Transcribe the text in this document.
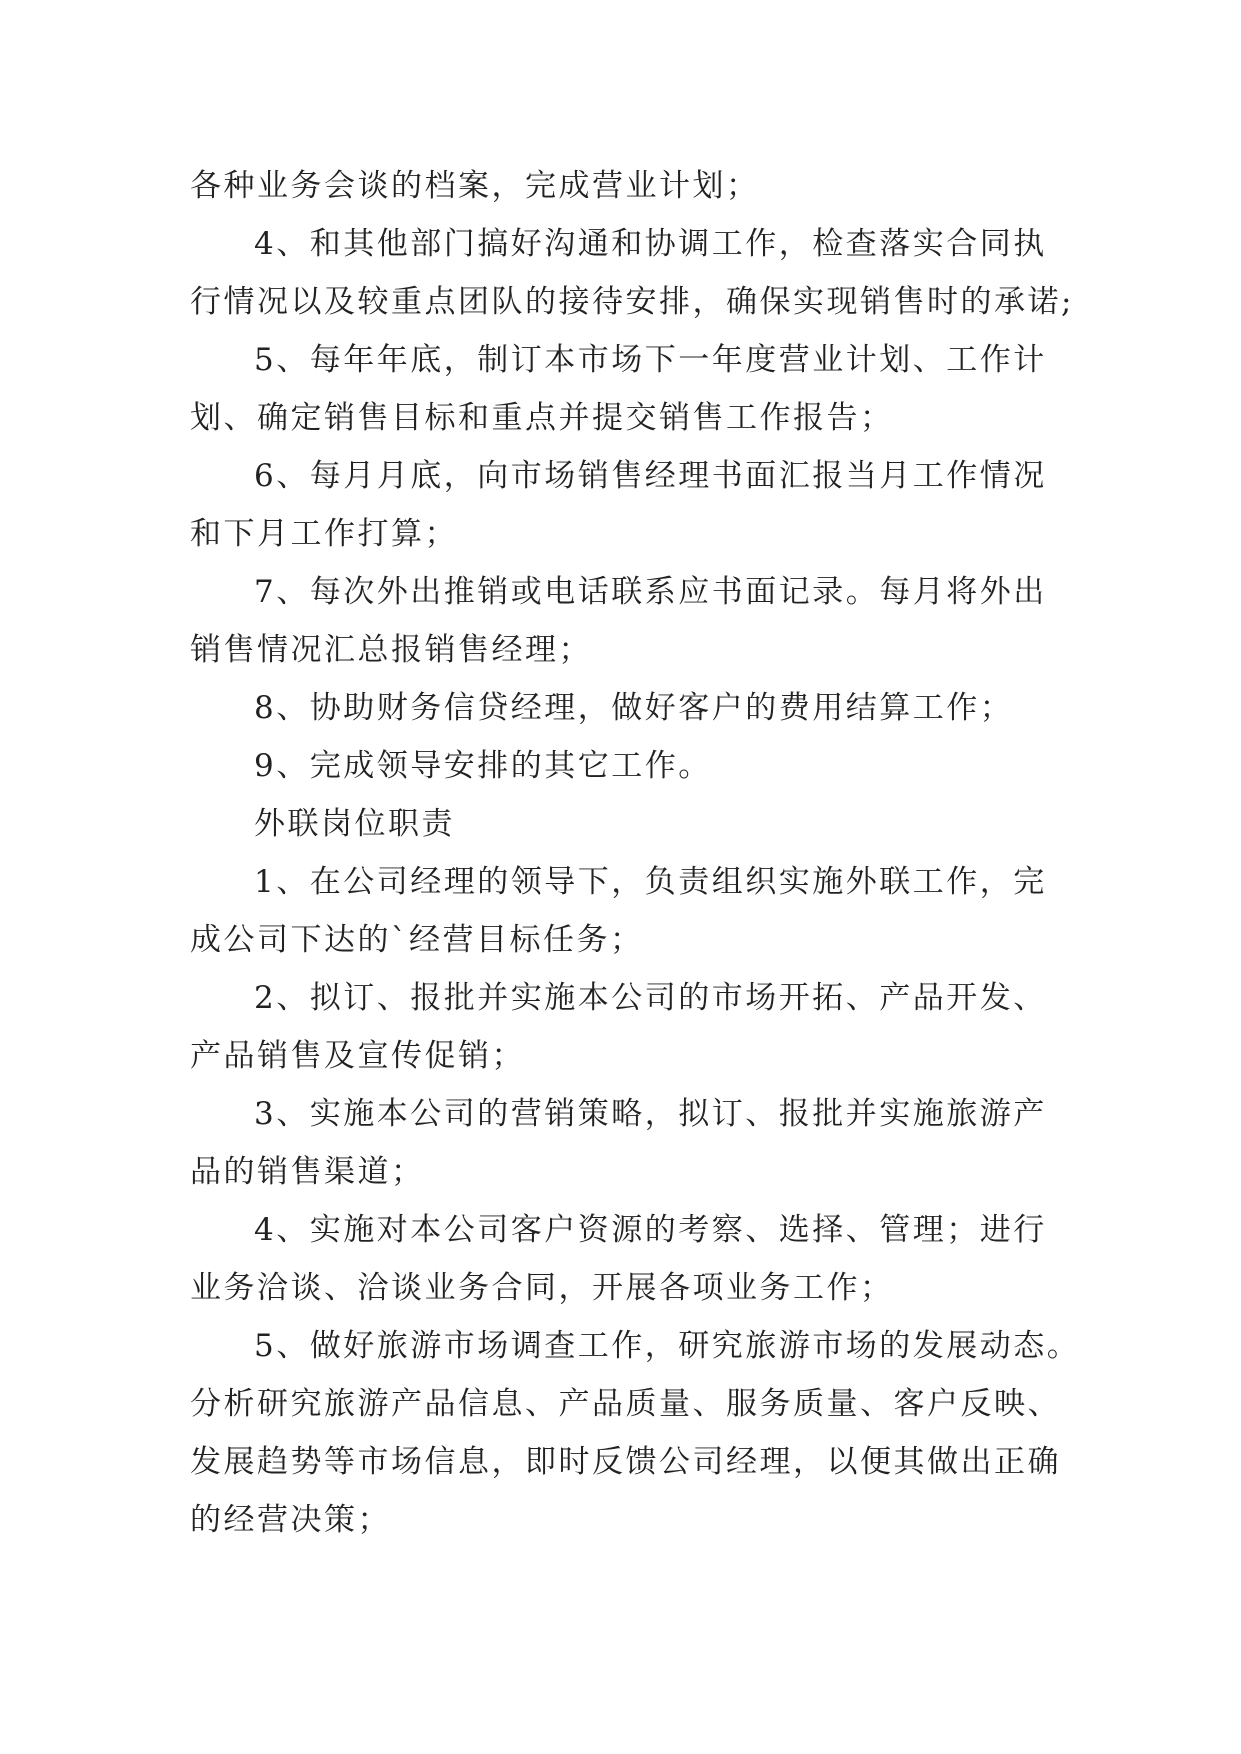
各种业务会谈的档案，完成营业计划；
4、和其他部门搞好沟通和协调工作，检查落实合同执
行情况以及较重点团队的接待安排，确保实现销售时的承诺;
5、每年年底，制订本市场下一年度营业计划、工作计
划、确定销售目标和重点并提交销售工作报告；
6、每月月底，向市场销售经理书面汇报当月工作情况
和下月工作打算；
7、每次外出推销或电话联系应书面记录。每月将外出
销售情况汇总报销售经理；
8、协助财务信贷经理，做好客户的费用结算工作；
9、完成领导安排的其它工作。
外联岗位职责
1、在公司经理的领导下，负责组织实施外联工作，完
成公司下达的`经营目标任务；
2、拟订、报批并实施本公司的市场开拓、产品开发、
产品销售及宣传促销；
3、实施本公司的营销策略，拟订、报批并实施旅游产
品的销售渠道；
4、实施对本公司客户资源的考察、选择、管理；进行
业务洽谈、洽谈业务合同，开展各项业务工作；
5、做好旅游市场调查工作，研究旅游市场的发展动态。
分析研究旅游产品信息、产品质量、服务质量、客户反映、
发展趋势等市场信息，即时反馈公司经理，以便其做出正确
的经营决策；
